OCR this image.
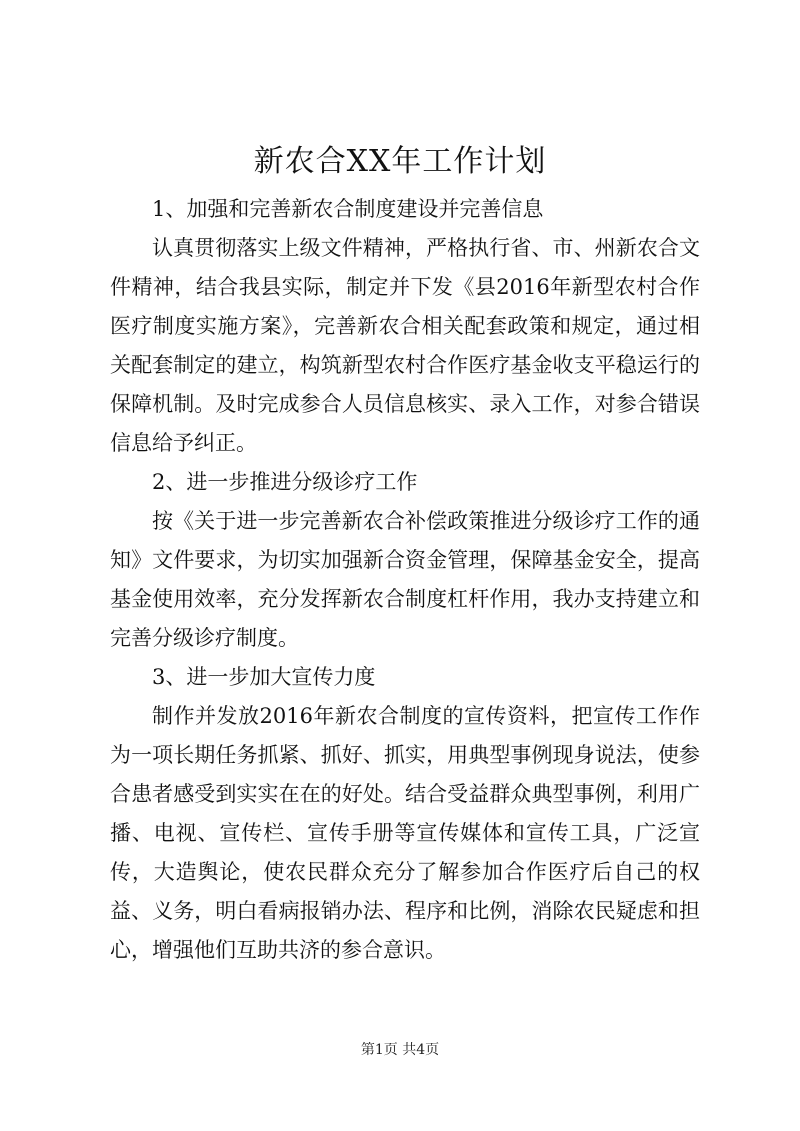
新农合XX年工作计划
1、加强和完善新农合制度建设并完善信息

认真贯彻落实上级文件精神，严格执行省、市、州新农合文件精神，结合我县实际，制定并下发《县2016年新型农村合作医疗制度实施方案》，完善新农合相关配套政策和规定，通过相关配套制定的建立，构筑新型农村合作医疗基金收支平稳运行的保障机制。及时完成参合人员信息核实、录入工作，对参合错误信息给予纠正。

2、进一步推进分级诊疗工作

按《关于进一步完善新农合补偿政策推进分级诊疗工作的通知》文件要求，为切实加强新合资金管理，保障基金安全，提高基金使用效率，充分发挥新农合制度杠杆作用，我办支持建立和完善分级诊疗制度。

3、进一步加大宣传力度

制作并发放2016年新农合制度的宣传资料，把宣传工作作为一项长期任务抓紧、抓好、抓实，用典型事例现身说法，使参合患者感受到实实在在的好处。结合受益群众典型事例，利用广播、电视、宣传栏、宣传手册等宣传媒体和宣传工具，广泛宣传，大造舆论，使农民群众充分了解参加合作医疗后自己的权益、义务，明白看病报销办法、程序和比例，消除农民疑虑和担心，增强他们互助共济的参合意识。

第1页 共4页
